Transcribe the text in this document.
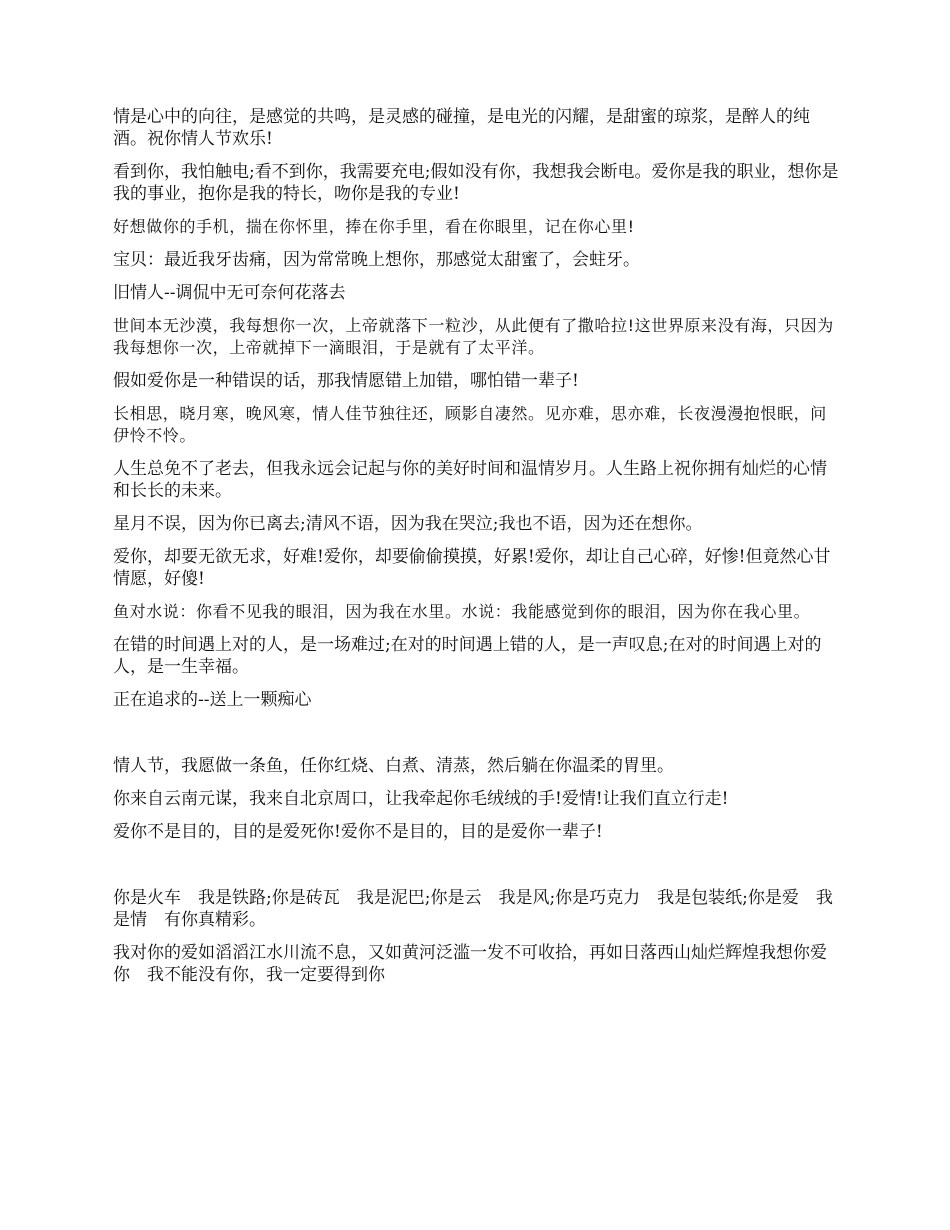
情是心中的向往，是感觉的共鸣，是灵感的碰撞，是电光的闪耀，是甜蜜的琼浆，是醉人的纯酒。祝你情人节欢乐!

看到你，我怕触电;看不到你，我需要充电;假如没有你，我想我会断电。爱你是我的职业，想你是我的事业，抱你是我的特长，吻你是我的专业!

好想做你的手机，揣在你怀里，捧在你手里，看在你眼里，记在你心里!

宝贝：最近我牙齿痛，因为常常晚上想你，那感觉太甜蜜了，会蛀牙。

旧情人--调侃中无可奈何花落去

世间本无沙漠，我每想你一次，上帝就落下一粒沙，从此便有了撒哈拉!这世界原来没有海，只因为我每想你一次，上帝就掉下一滴眼泪，于是就有了太平洋。

假如爱你是一种错误的话，那我情愿错上加错，哪怕错一辈子!

长相思，晓月寒，晚风寒，情人佳节独往还，顾影自凄然。见亦难，思亦难，长夜漫漫抱恨眠，问伊怜不怜。

人生总免不了老去，但我永远会记起与你的美好时间和温情岁月。人生路上祝你拥有灿烂的心情和长长的未来。

星月不误，因为你已离去;清风不语，因为我在哭泣;我也不语，因为还在想你。

爱你，却要无欲无求，好难!爱你，却要偷偷摸摸，好累!爱你，却让自己心碎，好惨!但竟然心甘情愿，好傻!

鱼对水说：你看不见我的眼泪，因为我在水里。水说：我能感觉到你的眼泪，因为你在我心里。

在错的时间遇上对的人，是一场难过;在对的时间遇上错的人，是一声叹息;在对的时间遇上对的人，是一生幸福。

正在追求的--送上一颗痴心

情人节，我愿做一条鱼，任你红烧、白煮、清蒸，然后躺在你温柔的胃里。

你来自云南元谋，我来自北京周口，让我牵起你毛绒绒的手!爱情!让我们直立行走!

爱你不是目的，目的是爱死你!爱你不是目的，目的是爱你一辈子!

你是火车　我是铁路;你是砖瓦　我是泥巴;你是云　我是风;你是巧克力　我是包装纸;你是爱　我是情　有你真精彩。

我对你的爱如滔滔江水川流不息，又如黄河泛滥一发不可收拾，再如日落西山灿烂辉煌我想你爱你　我不能没有你，我一定要得到你
